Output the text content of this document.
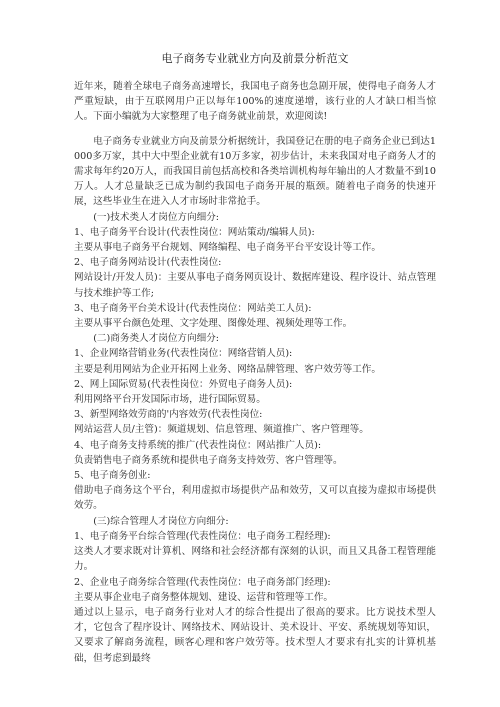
电子商务专业就业方向及前景分析范文

近年来，随着全球电子商务高速增长，我国电子商务也急剧开展，使得电子商务人才严重短缺，由于互联网用户正以每年100%的速度递增，该行业的人才缺口相当惊人。下面小编就为大家整理了电子商务就业前景，欢迎阅读!

电子商务专业就业方向及前景分析据统计，我国登记在册的电子商务企业已到达1000多万家，其中大中型企业就有10万多家，初步估计，未来我国对电子商务人才的需求每年约20万人，而我国目前包括高校和各类培训机构每年输出的人才数量不到10万人。人才总量缺乏已成为制约我国电子商务开展的瓶颈。随着电子商务的快速开展，这些毕业生在进入人才市场时非常抢手。

(一)技术类人才岗位方向细分:

1、电子商务平台设计(代表性岗位：网站策动/编辑人员):

主要从事电子商务平台规划、网络编程、电子商务平台平安设计等工作。

2、电子商务网站设计(代表性岗位:

网站设计/开发人员)：主要从事电子商务网页设计、数据库建设、程序设计、站点管理与技术维护等工作;

3、电子商务平台美术设计(代表性岗位：网站美工人员):

主要从事平台颜色处理、文字处理、图像处理、视频处理等工作。

(二)商务类人才岗位方向细分:

1、企业网络营销业务(代表性岗位：网络营销人员):

主要是利用网站为企业开拓网上业务、网络品牌管理、客户效劳等工作。

2、网上国际贸易(代表性岗位：外贸电子商务人员):

利用网络平台开发国际市场，进行国际贸易。

3、新型网络效劳商的'内容效劳(代表性岗位:

网站运营人员/主管)：频道规划、信息管理、频道推广、客户管理等。

4、电子商务支持系统的推广(代表性岗位：网站推广人员):

负责销售电子商务系统和提供电子商务支持效劳、客户管理等。

5、电子商务创业:

借助电子商务这个平台，利用虚拟市场提供产品和效劳，又可以直接为虚拟市场提供效劳。

(三)综合管理人才岗位方向细分:

1、电子商务平台综合管理(代表性岗位：电子商务工程经理):

这类人才要求既对计算机、网络和社会经济都有深刻的认识，而且又具备工程管理能力。

2、企业电子商务综合管理(代表性岗位：电子商务部门经理):

主要从事企业电子商务整体规划、建设、运营和管理等工作。

通过以上显示，电子商务行业对人才的综合性提出了很高的要求。比方说技术型人才，它包含了程序设计、网络技术、网站设计、美术设计、平安、系统规划等知识，又要求了解商务流程，顾客心理和客户效劳等。技术型人才要求有扎实的计算机基础，但考虑到最终
